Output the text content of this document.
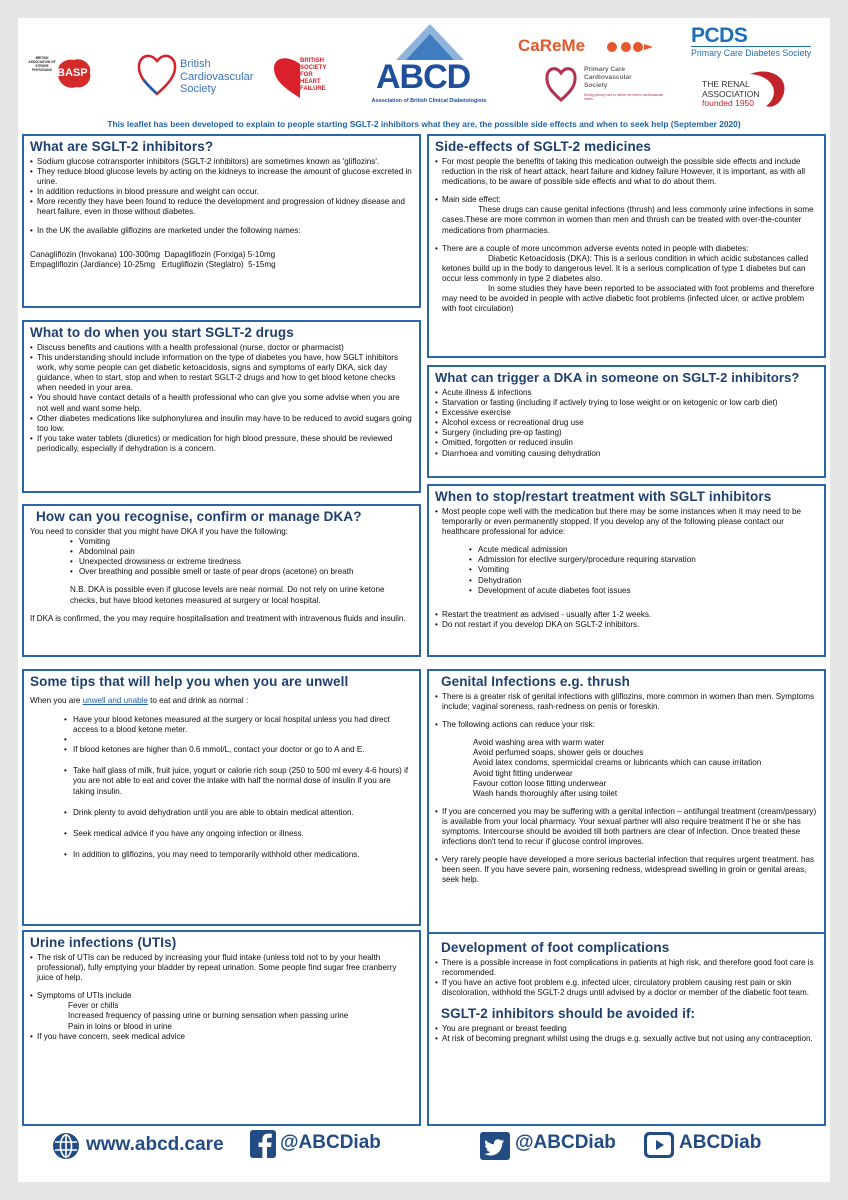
BRITISH ASSOCIATION OF STROKE PHYSICIANS BASP
British
Cardiovascular
Society
BRITISH
SOCIETY
FOR
HEART
FAILURE ABCD
Association of British Clinical Diabetologists
CaReMe
Primary Care
Cardiovascular
Society
Driving primary care to deliver the best in cardiovascular health
PCDS
Primary Care Diabetes Society
THE RENAL
ASSOCIATION
founded 1950
This leaflet has been developed to explain to people starting SGLT-2 inhibitors what they are, the possible side effects and when to seek help (September 2020)
What are SGLT-2 inhibitors?
• Sodium glucose cotransporter inhibitors (SGLT-2 inhibitors) are sometimes known as 'gliflozins'.
• They reduce blood glucose levels by acting on the kidneys to increase the amount of glucose excreted in urine.
• In addition reductions in blood pressure and weight can occur.
• More recently they have been found to reduce the development and progression of kidney disease and heart failure, even in those without diabetes.
• In the UK the available gliflozins are marketed under the following names:
Canagliflozin (Invokana) 100-300mg  Dapagliflozin (Forxiga) 5-10mg
Empagliflozin (Jardiance) 10-25mg   Ertugliflozin (Steglatro)  5-15mg
What to do when you start SGLT-2 drugs
• Discuss benefits and cautions with a health professional (nurse, doctor or pharmacist)
• This understanding should include information on the type of diabetes you have, how SGLT inhibitors work, why some people can get diabetic ketoacidosis, signs and symptoms of early DKA, sick day guidance, when to start, stop and when to restart SGLT-2 drugs and how to get blood ketone checks when needed in your area.
• You should have contact details of a health professional who can give you some advise when you are not well and want some help.
• Other diabetes medications like sulphonylurea and insulin may have to be reduced to avoid sugars going too low.
• If you take water tablets (diuretics) or medication for high blood pressure, these should be reviewed periodically, especially if dehydration is a concern.
How can you recognise, confirm or manage DKA?
You need to consider that you might have DKA if you have the following:
• Vomiting
• Abdominal pain
• Unexpected drowsiness or extreme tiredness
• Over breathing and possible smell or taste of pear drops (acetone) on breath
N.B. DKA is possible even if glucose levels are near normal. Do not rely on urine ketone checks, but have blood ketones measured at surgery or local hospital.
If DKA is confirmed, the you may require hospitalisation and treatment with intravenous fluids and insulin.
Some tips that will help you when you are unwell
When you are unwell and unable to eat and drink as normal :
• Have your blood ketones measured at the surgery or local hospital unless you had direct access to a blood ketone meter.
•
• If blood ketones are higher than 0.6 mmol/L, contact your doctor or go to A and E.
• Take half glass of milk, fruit juice, yogurt or calorie rich soup (250 to 500 ml every 4-6 hours) if you are not able to eat and cover the intake with half the normal dose of insulin if you are taking insulin.
• Drink plenty to avoid dehydration until you are able to obtain medical attention.
• Seek medical advice if you have any ongoing infection or illness.
• In addition to gliflozins, you may need to temporarily withhold other medications.
Urine infections (UTIs)
• The risk of UTIs can be reduced by increasing your fluid intake (unless told not to by your health professional), fully emptying your bladder by repeat urination. Some people find sugar free cranberry juice of help.
• Symptoms of UTIs include
Fever or chills
Increased frequency of passing urine or burning sensation when passing urine
Pain in loins or blood in urine
• If you have concern, seek medical advice
Side-effects of SGLT-2 medicines
• For most people the benefits of taking this medication outweigh the possible side effects and include reduction in the risk of heart attack, heart failure and kidney failure However, it is important, as with all medications, to be aware of possible side effects and what to do about them.
• Main side effect:
These drugs can cause genital infections (thrush) and less commonly urine infections in some cases.These are more common in women than men and thrush can be treated with over-the-counter medications from pharmacies.
• There are a couple of more uncommon adverse events noted in people with diabetes:
Diabetic Ketoacidosis (DKA): This is a serious condition in which acidic substances called ketones build up in the body to dangerous level. It is a serious complication of type 1 diabetes but can occur less commonly in type 2 diabetes also.
In some studies they have been reported to be associated with foot problems and therefore may need to be avoided in people with active diabetic foot problems (infected ulcer, or active problem with foot circulation)
What can trigger a DKA in someone on SGLT-2 inhibitors?
• Acute illness & infections
• Starvation or fasting (including if actively trying to lose weight or on ketogenic or low carb diet)
• Excessive exercise
• Alcohol excess or recreational drug use
• Surgery (including pre-op fasting)
• Omitted, forgotten or reduced insulin
• Diarrhoea and vomiting causing dehydration
When to stop/restart treatment with SGLT inhibitors
• Most people cope well with the medication but there may be some instances when it may need to be temporarily or even permanently stopped. If you develop any of the following please contact our healthcare professional for advice:
• Acute medical admission
• Admission for elective surgery/procedure requiring starvation
• Vomiting
• Dehydration
• Development of acute diabetes foot issues
• Restart the treatment as advised - usually after 1-2 weeks.
• Do not restart if you develop DKA on SGLT-2 inhibitors.
Genital Infections e.g. thrush
• There is a greater risk of genital infections with gliflozins, more common in women than men. Symptoms include; vaginal soreness, rash-redness on penis or foreskin.
• The following actions can reduce your risk:
Avoid washing area with warm water
Avoid perfumed soaps, shower gels or douches
Avoid latex condoms, spermicidal creams or lubricants which can cause irritation
Avoid tight fitting underwear
Favour cotton loose fitting underwear
Wash hands thoroughly after using toilet
• If you are concerned you may be suffering with a genital infection – antifungal treatment (cream/pessary) is available from your local pharmacy. Your sexual partner will also require treatment if he or she has symptoms. Intercourse should be avoided till both partners are clear of infection. Once treated these infections don't tend to recur if glucose control improves.
• Very rarely people have developed a more serious bacterial infection that requires urgent treatment. has been seen. If you have severe pain, worsening redness, widespread swelling in groin or genital areas, seek help.
Development of foot complications
• There is a possible increase in foot complications in patients at high risk, and therefore good foot care is recommended.
• If you have an active foot problem e.g. infected ulcer, circulatory problem causing rest pain or skin discoloration, withhold the SGLT-2 drugs until advised by a doctor or member of the diabetic foot team.
SGLT-2 inhibitors should be avoided if:
• You are pregnant or breast feeding
• At risk of becoming pregnant whilst using the drugs e.g. sexually active but not using any contraception.
www.abcd.care	@ABCDiab	@ABCDiab	ABCDiab
